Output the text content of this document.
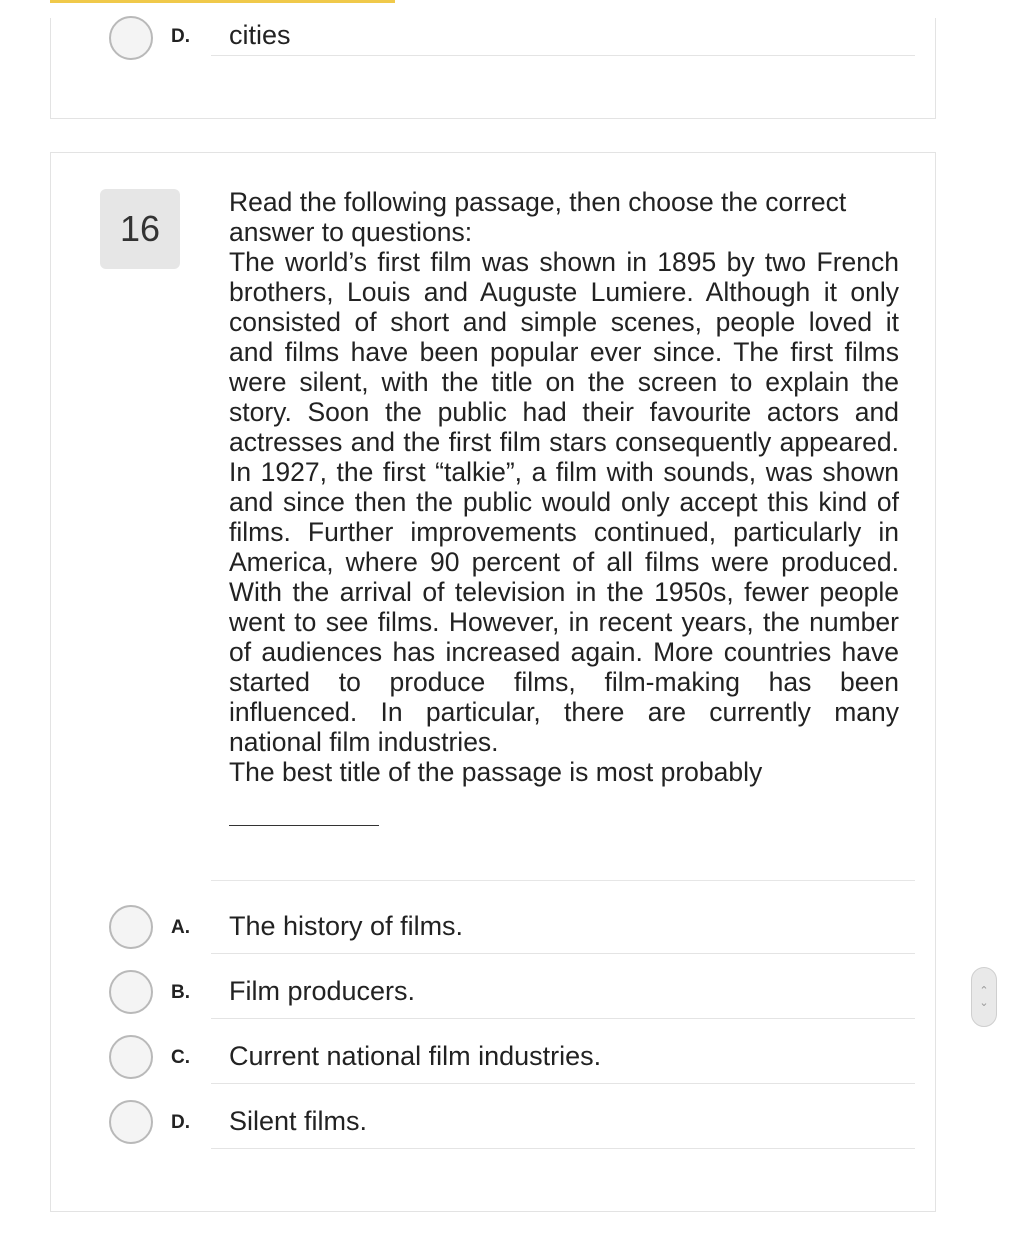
D. cities
16

Read the following passage, then choose the correct answer to questions:

The world’s first film was shown in 1895 by two French brothers, Louis and Auguste Lumiere. Although it only consisted of short and simple scenes, people loved it and films have been popular ever since. The first films were silent, with the title on the screen to explain the story. Soon the public had their favourite actors and actresses and the first film stars consequently appeared. In 1927, the first “talkie”, a film with sounds, was shown and since then the public would only accept this kind of films. Further improvements continued, particularly in America, where 90 percent of all films were produced. With the arrival of television in the 1950s, fewer people went to see films. However, in recent years, the number of audiences has increased again. More countries have started to produce films, film-making has been influenced. In particular, there are currently many national film industries.

The best title of the passage is most probably

A. The history of films.
B. Film producers.
C. Current national film industries.
D. Silent films.
⌃
⌄
